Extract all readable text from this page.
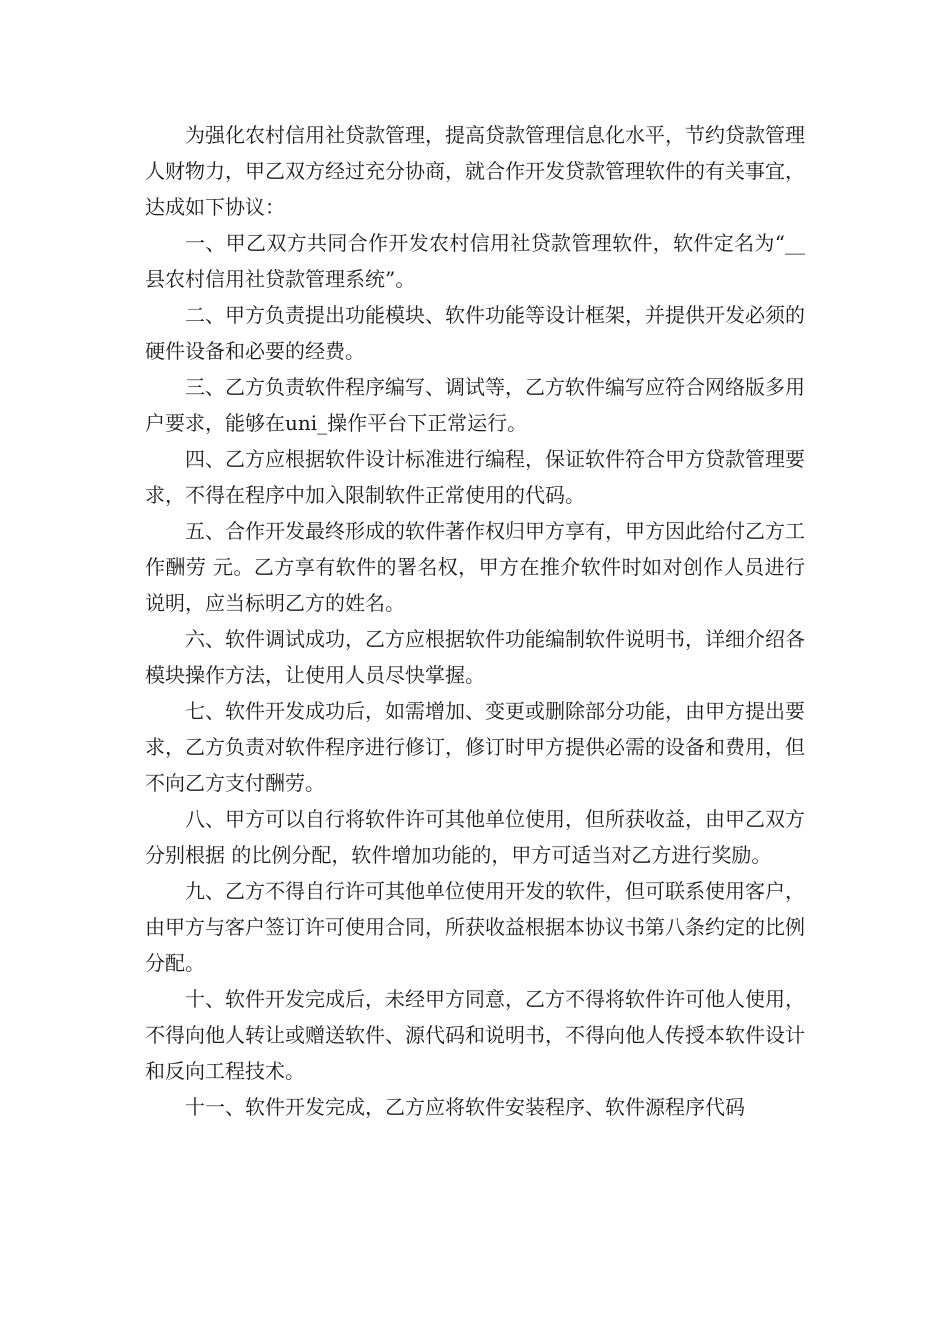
为强化农村信用社贷款管理，提高贷款管理信息化水平，节约贷款管理人财物力，甲乙双方经过充分协商，就合作开发贷款管理软件的有关事宜，达成如下协议：

一、甲乙双方共同合作开发农村信用社贷款管理软件，软件定名为“__县农村信用社贷款管理系统”。

二、甲方负责提出功能模块、软件功能等设计框架，并提供开发必须的硬件设备和必要的经费。

三、乙方负责软件程序编写、调试等，乙方软件编写应符合网络版多用户要求，能够在uni_操作平台下正常运行。

四、乙方应根据软件设计标准进行编程，保证软件符合甲方贷款管理要求，不得在程序中加入限制软件正常使用的代码。

五、合作开发最终形成的软件著作权归甲方享有，甲方因此给付乙方工作酬劳 元。乙方享有软件的署名权，甲方在推介软件时如对创作人员进行说明，应当标明乙方的姓名。

六、软件调试成功，乙方应根据软件功能编制软件说明书，详细介绍各模块操作方法，让使用人员尽快掌握。

七、软件开发成功后，如需增加、变更或删除部分功能，由甲方提出要求，乙方负责对软件程序进行修订，修订时甲方提供必需的设备和费用，但不向乙方支付酬劳。

八、甲方可以自行将软件许可其他单位使用，但所获收益，由甲乙双方分别根据 的比例分配，软件增加功能的，甲方可适当对乙方进行奖励。

九、乙方不得自行许可其他单位使用开发的软件，但可联系使用客户，由甲方与客户签订许可使用合同，所获收益根据本协议书第八条约定的比例分配。

十、软件开发完成后，未经甲方同意，乙方不得将软件许可他人使用，不得向他人转让或赠送软件、源代码和说明书，不得向他人传授本软件设计和反向工程技术。

十一、软件开发完成，乙方应将软件安装程序、软件源程序代码
